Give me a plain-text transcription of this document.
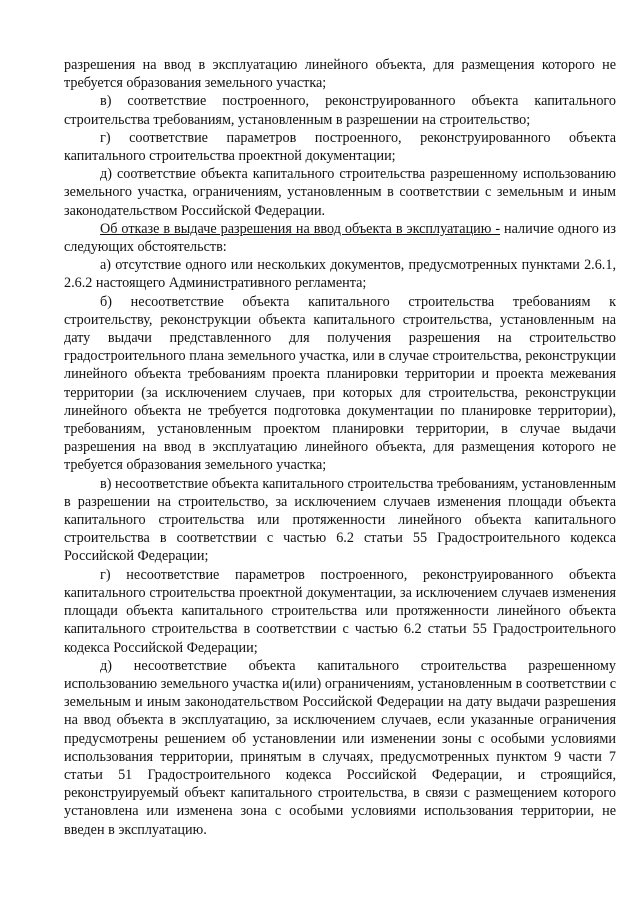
разрешения на ввод в эксплуатацию линейного объекта, для размещения которого не требуется образования земельного участка;

в) соответствие построенного, реконструированного объекта капитального строительства требованиям, установленным в разрешении на строительство;

г) соответствие параметров построенного, реконструированного объекта капитального строительства проектной документации;

д) соответствие объекта капитального строительства разрешенному использованию земельного участка, ограничениям, установленным в соответствии с земельным и иным законодательством Российской Федерации.

Об отказе в выдаче разрешения на ввод объекта в эксплуатацию - наличие одного из следующих обстоятельств:

а) отсутствие одного или нескольких документов, предусмотренных пунктами 2.6.1, 2.6.2 настоящего Административного регламента;

б) несоответствие объекта капитального строительства требованиям к строительству, реконструкции объекта капитального строительства, установленным на дату выдачи представленного для получения разрешения на строительство градостроительного плана земельного участка, или в случае строительства, реконструкции линейного объекта требованиям проекта планировки территории и проекта межевания территории (за исключением случаев, при которых для строительства, реконструкции линейного объекта не требуется подготовка документации по планировке территории), требованиям, установленным проектом планировки территории, в случае выдачи разрешения на ввод в эксплуатацию линейного объекта, для размещения которого не требуется образования земельного участка;

в) несоответствие объекта капитального строительства требованиям, установленным в разрешении на строительство, за исключением случаев изменения площади объекта капитального строительства или протяженности линейного объекта капитального строительства в соответствии с частью 6.2 статьи 55 Градостроительного кодекса Российской Федерации;

г) несоответствие параметров построенного, реконструированного объекта капитального строительства проектной документации, за исключением случаев изменения площади объекта капитального строительства или протяженности линейного объекта капитального строительства в соответствии с частью 6.2 статьи 55 Градостроительного кодекса Российской Федерации;

д) несоответствие объекта капитального строительства разрешенному использованию земельного участка и(или) ограничениям, установленным в соответствии с земельным и иным законодательством Российской Федерации на дату выдачи разрешения на ввод объекта в эксплуатацию, за исключением случаев, если указанные ограничения предусмотрены решением об установлении или изменении зоны с особыми условиями использования территории, принятым в случаях, предусмотренных пунктом 9 части 7 статьи 51 Градостроительного кодекса Российской Федерации, и строящийся, реконструируемый объект капитального строительства, в связи с размещением которого установлена или изменена зона с особыми условиями использования территории, не введен в эксплуатацию.
